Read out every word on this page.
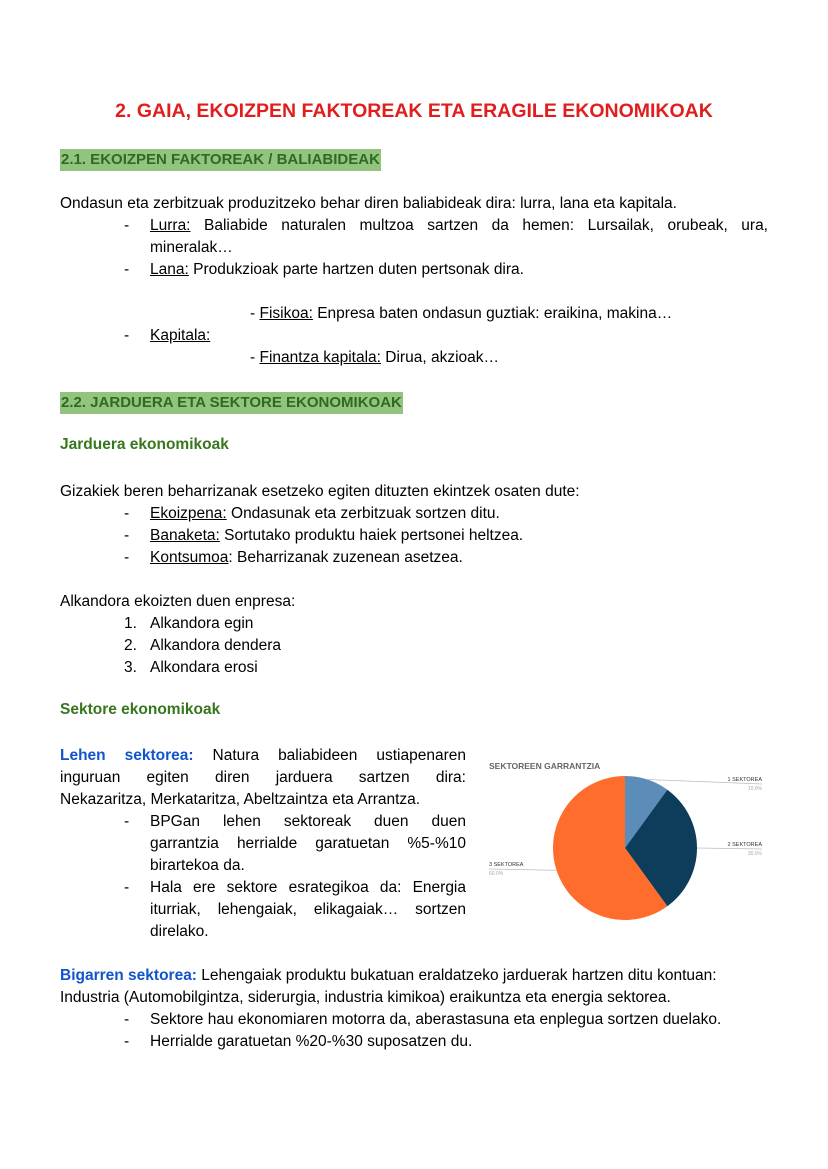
2. GAIA, EKOIZPEN FAKTOREAK ETA ERAGILE EKONOMIKOAK
2.1. EKOIZPEN FAKTOREAK / BALIABIDEAK
Ondasun eta zerbitzuak produzitzeko behar diren baliabideak dira: lurra, lana eta kapitala.
- Lurra: Baliabide naturalen multzoa sartzen da hemen: Lursailak, orubeak, ura,
mineralak…
- Lana: Produkzioak parte hartzen duten pertsonak dira.
- Fisikoa: Enpresa baten ondasun guztiak: eraikina, makina…
- Kapitala:
- Finantza kapitala: Dirua, akzioak…
2.2. JARDUERA ETA SEKTORE EKONOMIKOAK
Jarduera ekonomikoak
Gizakiek beren beharrizanak esetzeko egiten dituzten ekintzek osaten dute:
- Ekoizpena: Ondasunak eta zerbitzuak sortzen ditu.
- Banaketa: Sortutako produktu haiek pertsonei heltzea.
- Kontsumoa: Beharrizanak zuzenean asetzea.
Alkandora ekoizten duen enpresa:
1. Alkandora egin
2. Alkandora dendera
3. Alkondara erosi
Sektore ekonomikoak
Lehen sektorea: Natura baliabideen ustiapenaren
inguruan egiten diren jarduera sartzen dira:
Nekazaritza, Merkataritza, Abeltzaintza eta Arrantza.
- BPGan lehen sektoreak duen duen
garrantzia herrialde garatuetan %5-%10
birartekoa da.
- Hala ere sektore esrategikoa da: Energia
iturriak, lehengaiak, elikagaiak… sortzen
direlako.
SEKTOREEN GARRANTZIA
1 SEKTOREA
10.0%
2 SEKTOREA
30.0%
3 SEKTOREA
60.0%
Bigarren sektorea: Lehengaiak produktu bukatuan eraldatzeko jarduerak hartzen ditu kontuan:
Industria (Automobilgintza, siderurgia, industria kimikoa) eraikuntza eta energia sektorea.
- Sektore hau ekonomiaren motorra da, aberastasuna eta enplegua sortzen duelako.
- Herrialde garatuetan %20-%30 suposatzen du.
